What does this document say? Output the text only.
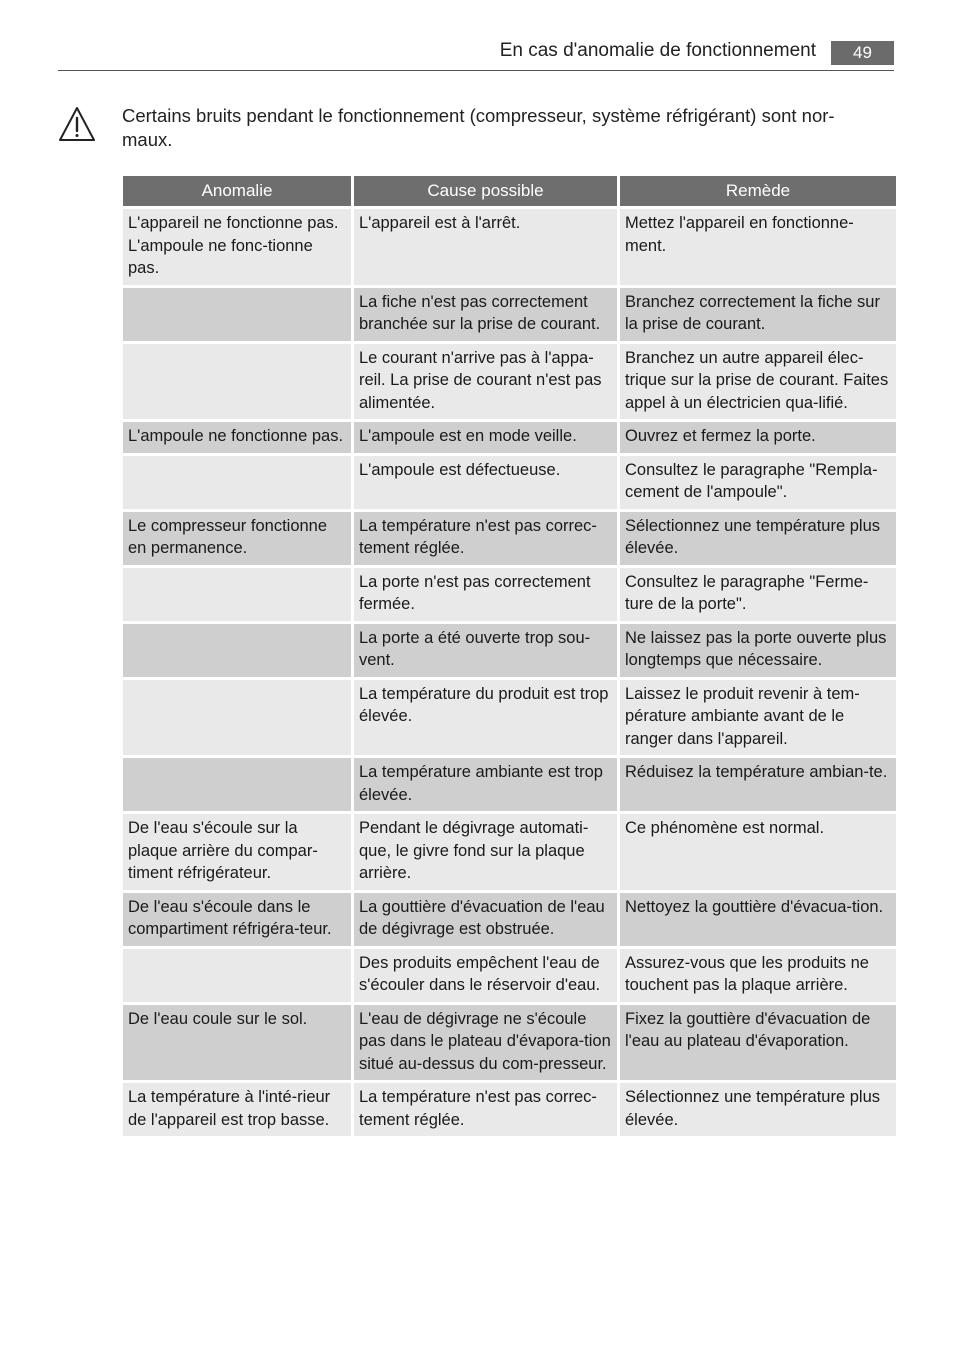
En cas d'anomalie de fonctionnement	49
Certains bruits pendant le fonctionnement (compresseur, système réfrigérant) sont nor-maux.
Anomalie	Cause possible	Remède
L'appareil ne fonctionne pas. L'ampoule ne fonc-tionne pas.	L'appareil est à l'arrêt.	Mettez l'appareil en fonctionne-ment.
	La fiche n'est pas correctement branchée sur la prise de courant.	Branchez correctement la fiche sur la prise de courant.
	Le courant n'arrive pas à l'appa-reil. La prise de courant n'est pas alimentée.	Branchez un autre appareil élec-trique sur la prise de courant. Faites appel à un électricien qua-lifié.
L'ampoule ne fonctionne pas.	L'ampoule est en mode veille.	Ouvrez et fermez la porte.
	L'ampoule est défectueuse.	Consultez le paragraphe "Rempla-cement de l'ampoule".
Le compresseur fonctionne en permanence.	La température n'est pas correc-tement réglée.	Sélectionnez une température plus élevée.
	La porte n'est pas correctement fermée.	Consultez le paragraphe "Ferme-ture de la porte".
	La porte a été ouverte trop sou-vent.	Ne laissez pas la porte ouverte plus longtemps que nécessaire.
	La température du produit est trop élevée.	Laissez le produit revenir à tem-pérature ambiante avant de le ranger dans l'appareil.
	La température ambiante est trop élevée.	Réduisez la température ambian-te.
De l'eau s'écoule sur la plaque arrière du compar-timent réfrigérateur.	Pendant le dégivrage automati-que, le givre fond sur la plaque arrière.	Ce phénomène est normal.
De l'eau s'écoule dans le compartiment réfrigéra-teur.	La gouttière d'évacuation de l'eau de dégivrage est obstruée.	Nettoyez la gouttière d'évacua-tion.
	Des produits empêchent l'eau de s'écouler dans le réservoir d'eau.	Assurez-vous que les produits ne touchent pas la plaque arrière.
De l'eau coule sur le sol.	L'eau de dégivrage ne s'écoule pas dans le plateau d'évapora-tion situé au-dessus du com-presseur.	Fixez la gouttière d'évacuation de l'eau au plateau d'évaporation.
La température à l'inté-rieur de l'appareil est trop basse.	La température n'est pas correc-tement réglée.	Sélectionnez une température plus élevée.
